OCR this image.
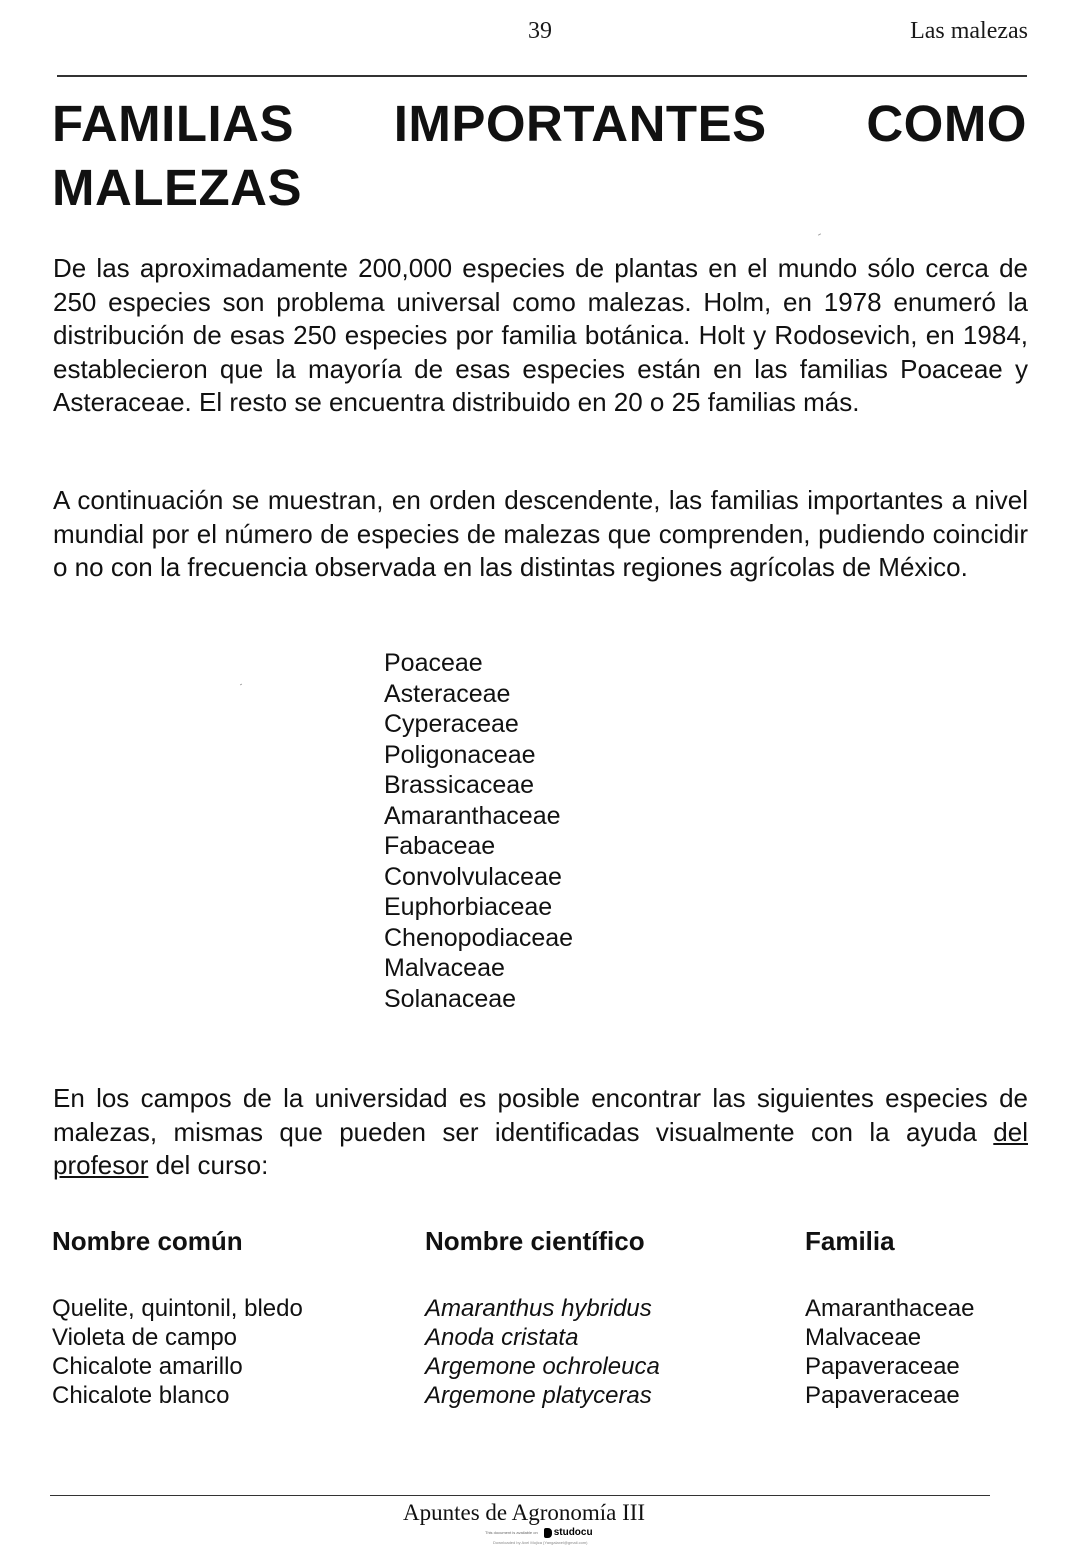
39	Las malezas
FAMILIAS IMPORTANTES COMO
MALEZAS

De las aproximadamente 200,000 especies de plantas en el mundo sólo cerca de 250 especies son problema universal como malezas. Holm, en 1978 enumeró la distribución de esas 250 especies por familia botánica. Holt y Rodosevich, en 1984, establecieron que la mayoría de esas especies están en las familias Poaceae y Asteraceae. El resto se encuentra distribuido en 20 o 25 familias más.

A continuación se muestran, en orden descendente, las familias importantes a nivel mundial por el número de especies de malezas que comprenden, pudiendo coincidir o no con la frecuencia observada en las distintas regiones agrícolas de México.

Poaceae
Asteraceae
Cyperaceae
Poligonaceae
Brassicaceae
Amaranthaceae
Fabaceae
Convolvulaceae
Euphorbiaceae
Chenopodiaceae
Malvaceae
Solanaceae

En los campos de la universidad es posible encontrar las siguientes especies de malezas, mismas que pueden ser identificadas visualmente con la ayuda del profesor del curso:

Nombre común	Nombre científico	Familia
Quelite, quintonil, bledo	Amaranthus hybridus	Amaranthaceae
Violeta de campo	Anoda cristata	Malvaceae
Chicalote amarillo	Argemone ochroleuca	Papaveraceae
Chicalote blanco	Argemone platyceras	Papaveraceae
Apuntes de Agronomía III
This document is available on studocu
Downloaded by Axel Mojica (Yangalaxel@gmail.com)
